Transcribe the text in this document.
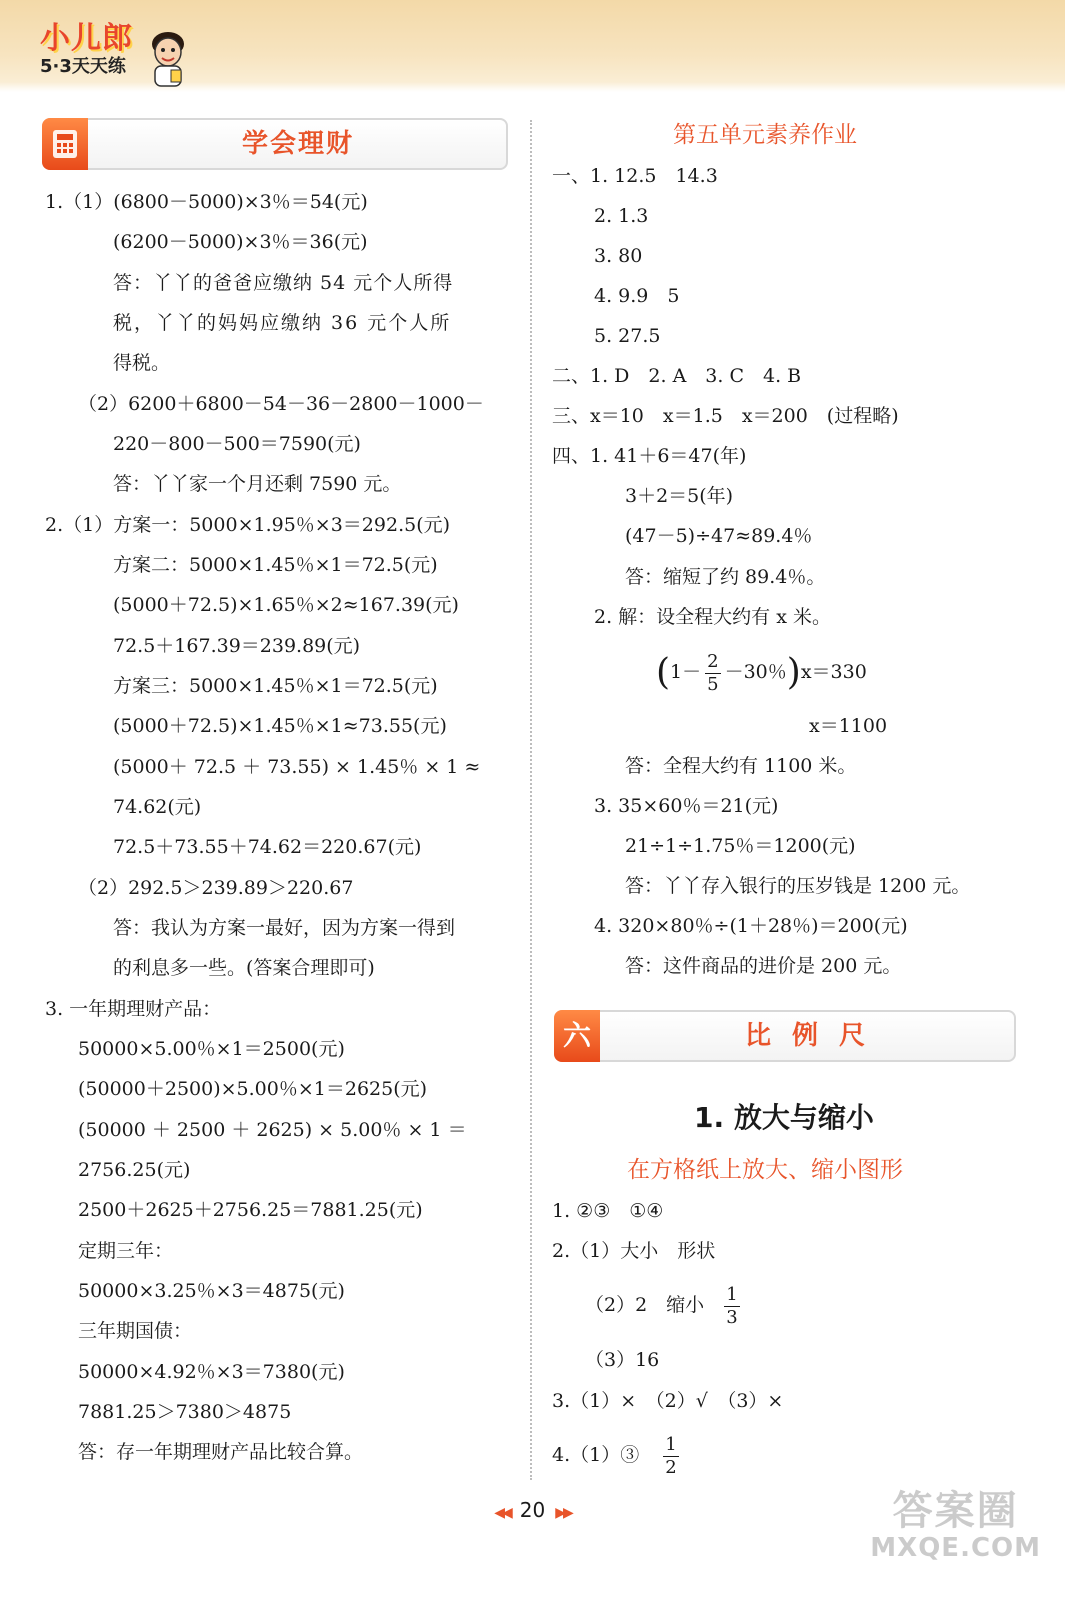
小儿郎
5·3天天练
学会理财
1.（1）(6800－5000)×3％＝54(元)
(6200－5000)×3％＝36(元)
答：丫丫的爸爸应缴纳 54 元个人所得
税，丫丫的妈妈应缴纳 36 元个人所
得税。
（2）6200＋6800－54－36－2800－1000－
220－800－500＝7590(元)
答：丫丫家一个月还剩 7590 元。
2.（1）方案一：5000×1.95％×3＝292.5(元)
方案二：5000×1.45％×1＝72.5(元)
(5000＋72.5)×1.65％×2≈167.39(元)
72.5＋167.39＝239.89(元)
方案三：5000×1.45％×1＝72.5(元)
(5000＋72.5)×1.45％×1≈73.55(元)
(5000＋ 72.5 ＋ 73.55) × 1.45％ × 1 ≈
74.62(元)
72.5＋73.55＋74.62＝220.67(元)
（2）292.5＞239.89＞220.67
答：我认为方案一最好，因为方案一得到
的利息多一些。(答案合理即可)
3. 一年期理财产品：
50000×5.00％×1＝2500(元)
(50000＋2500)×5.00％×1＝2625(元)
(50000 ＋ 2500 ＋ 2625) × 5.00％ × 1 ＝
2756.25(元)
2500＋2625＋2756.25＝7881.25(元)
定期三年：
50000×3.25％×3＝4875(元)
三年期国债：
50000×4.92％×3＝7380(元)
7881.25＞7380＞4875
答：存一年期理财产品比较合算。
第五单元素养作业
一、1. 12.5　14.3
2. 1.3
3. 80
4. 9.9　5
5. 27.5
二、1. D　2. A　3. C　4. B
三、x＝10　x＝1.5　x＝200　(过程略)
四、1. 41＋6＝47(年)
3＋2＝5(年)
(47－5)÷47≈89.4％
答：缩短了约 89.4％。
2. 解：设全程大约有 x 米。
($1- \frac{2}{5} -30$％)x＝330
x＝1100
答：全程大约有 1100 米。
3. 35×60％＝21(元)
21÷1÷1.75％＝1200(元)
答：丫丫存入银行的压岁钱是 1200 元。
4. 320×80％÷(1＋28％)＝200(元)
答：这件商品的进价是 200 元。
六	比 例 尺
1. 放大与缩小
在方格纸上放大、缩小图形
1. ②③　①④
2.（1）大小　形状
（2）2　缩小 $\frac{1}{3}$
（3）16
3.（1）×　（2）√　（3）×
4.（1）③ $\frac{1}{2}$
◀◀ 20 ▶▶	答案圈
MXQE.COM
